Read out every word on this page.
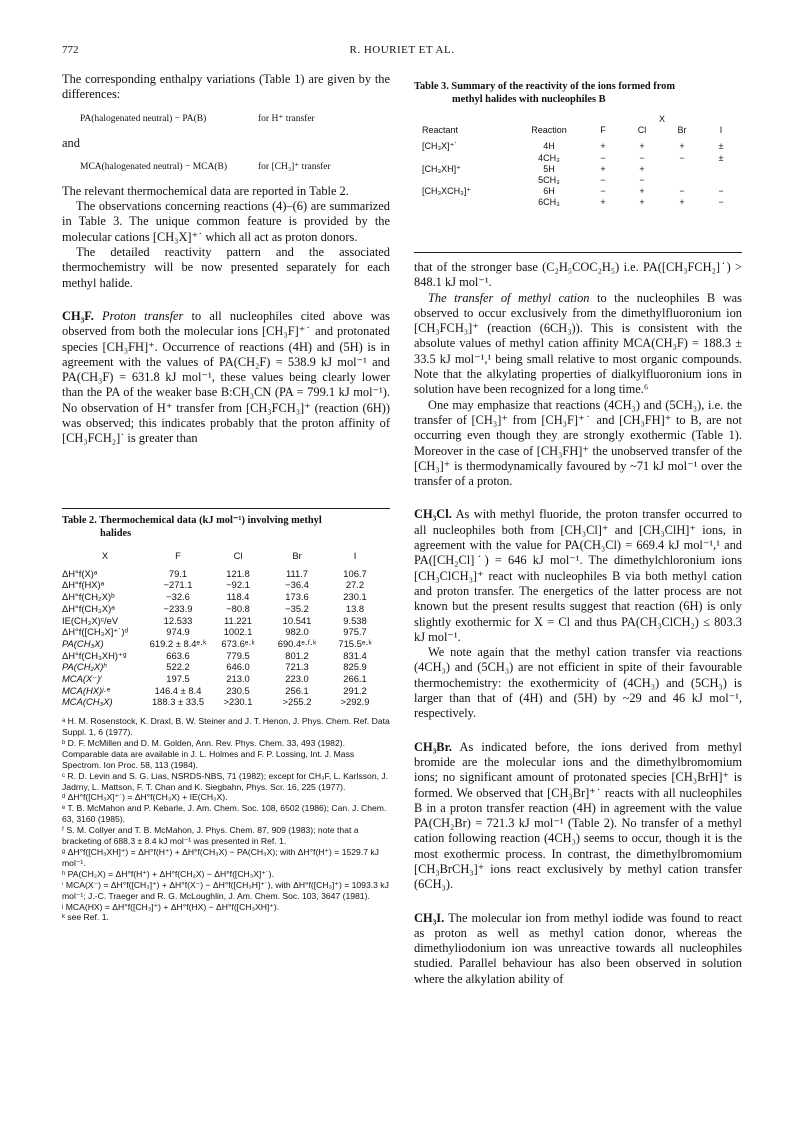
772	R. HOURIET ET AL.

The corresponding enthalpy variations (Table 1) are given by the differences:

PA(halogenated neutral) − PA(B)	for H⁺ transfer

and

MCA(halogenated neutral) − MCA(B)	for [CH₃]⁺ transfer

The relevant thermochemical data are reported in Table 2.

The observations concerning reactions (4)–(6) are summarized in Table 3. The unique common feature is provided by the molecular cations [CH₃X]⁺˙ which all act as proton donors.

The detailed reactivity pattern and the associated thermochemistry will be now presented separately for each methyl halide.

CH₃F. Proton transfer to all nucleophiles cited above was observed from both the molecular ions [CH₃F]⁺˙ and protonated species [CH₃FH]⁺. Occurrence of reactions (4H) and (5H) is in agreement with the values of PA(CH₂F) = 538.9 kJ mol⁻¹ and PA(CH₃F) = 631.8 kJ mol⁻¹, these values being clearly lower than the PA of the weaker base B:CH₃CN (PA = 799.1 kJ mol⁻¹). No observation of H⁺ transfer from [CH₃FCH₃]⁺ (reaction (6H)) was observed; this indicates probably that the proton affinity of [CH₃FCH₂]˙ is greater than

Table 2. Thermochemical data (kJ mol⁻¹) involving methyl
halides
X	F	Cl	Br	I

ΔH°f(X)ᵃ	79.1	121.8	111.7	106.7
ΔH°f(HX)ᵃ	−271.1	−92.1	−36.4	27.2
ΔH°f(CH₂X)ᵇ	−32.6	118.4	173.6	230.1
ΔH°f(CH₃X)ᵃ	−233.9	−80.8	−35.2	13.8
IE(CH₃X)ᶜ/eV	12.533	11.221	10.541	9.538
ΔH°f([CH₃X]⁺˙)ᵈ	974.9	1002.1	982.0	975.7
PA(CH₃X)	619.2 ± 8.4ᵉ·ᵏ	673.6ᵉ·ᵏ	690.4ᵉ·ᶠ·ᵏ	715.5ᵉ·ᵏ
ΔH°f(CH₃XH)⁺ᵍ	663.6	779.5	801.2	831.4
PA(CH₂X)ʰ	522.2	646.0	721.3	825.9
MCA(X⁻)ⁱ	197.5	213.0	223.0	266.1
MCA(HX)ʲ·ᵉ	146.4 ± 8.4	230.5	256.1	291.2
MCA(CH₃X)	188.3 ± 33.5	>230.1	>255.2	>292.9

ᵃ H. M. Rosenstock, K. Draxl, B. W. Steiner and J. T. Henon, J. Phys. Chem. Ref. Data Suppl. 1, 6 (1977).

ᵇ D. F. McMillen and D. M. Golden, Ann. Rev. Phys. Chem. 33, 493 (1982). Comparable data are available in J. L. Holmes and F. P. Lossing, Int. J. Mass Spectrom. Ion Proc. 58, 113 (1984).

ᶜ R. D. Levin and S. G. Lias, NSRDS-NBS, 71 (1982); except for CH₃F, L. Karlsson, J. Jadrny, L. Mattson, F. T. Chan and K. Siegbahn, Phys. Scr. 16, 225 (1977).

ᵈ ΔH°f([CH₃X]⁺˙) = ΔH°f(CH₃X) + IE(CH₃X).

ᵉ T. B. McMahon and P. Kebarle, J. Am. Chem. Soc. 108, 6502 (1986); Can. J. Chem. 63, 3160 (1985).

ᶠ S. M. Collyer and T. B. McMahon, J. Phys. Chem. 87, 909 (1983); note that a bracketing of 688.3 ± 8.4 kJ mol⁻¹ was presented in Ref. 1.

ᵍ ΔH°f([CH₃XH]⁺) = ΔH°f(H⁺) + ΔH°f(CH₃X) − PA(CH₃X); with ΔH°f(H⁺) = 1529.7 kJ mol⁻¹.

ʰ PA(CH₂X) = ΔH°f(H⁺) + ΔH°f(CH₂X) − ΔH°f([CH₃X]⁺˙).

ⁱ MCA(X⁻) = ΔH°f([CH₃]⁺) + ΔH°f(X⁻) − ΔH°f([CH₃H]⁺˙), with ΔH°f([CH₃]⁺) = 1093.3 kJ mol⁻¹; J.-C. Traeger and R. G. McLoughlin, J. Am. Chem. Soc. 103, 3647 (1981).

ʲ MCA(HX) = ΔH°f([CH₃]⁺) + ΔH°f(HX) − ΔH°f([CH₃XH]⁺).

ᵏ see Ref. 1.

Table 3. Summary of the reactivity of the ions formed from
methyl halides with nucleophiles B
			X		
Reactant	Reaction	F	Cl	Br	I

[CH₃X]⁺˙	4H	+	+	+	±
	4CH₃	−	−	−	±
[CH₃XH]⁺	5H	+	+		
	5CH₃	−	−		
[CH₃XCH₃]⁺	6H	−	+	−	−
	6CH₃	+	+	+	−

that of the stronger base (C₂H₅COC₂H₅) i.e. PA([CH₃FCH₂]˙) > 848.1 kJ mol⁻¹.

The transfer of methyl cation to the nucleophiles B was observed to occur exclusively from the dimethylfluoronium ion [CH₃FCH₃]⁺ (reaction (6CH₃)). This is consistent with the absolute values of methyl cation affinity MCA(CH₃F) = 188.3 ± 33.5 kJ mol⁻¹,¹ being small relative to most organic compounds. Note that the alkylating properties of dialkylfluoronium ions in solution have been recognized for a long time.⁶

One may emphasize that reactions (4CH₃) and (5CH₃), i.e. the transfer of [CH₃]⁺ from [CH₃F]⁺˙ and [CH₃FH]⁺ to B, are not occurring even though they are strongly exothermic (Table 1). Moreover in the case of [CH₃FH]⁺ the unobserved transfer of the [CH₃]⁺ is thermodynamically favoured by ~71 kJ mol⁻¹ over the transfer of a proton.

CH₃Cl. As with methyl fluoride, the proton transfer occurred to all nucleophiles both from [CH₃Cl]⁺ and [CH₃ClH]⁺ ions, in agreement with the value for PA(CH₃Cl) = 669.4 kJ mol⁻¹,¹ and PA([CH₂Cl]˙) = 646 kJ mol⁻¹. The dimethylchloronium ions [CH₃ClCH₃]⁺ react with nucleophiles B via both methyl cation and proton transfer. The energetics of the latter process are not known but the present results suggest that reaction (6H) is only slightly exothermic for X = Cl and thus PA(CH₃ClCH₂) ≤ 803.3 kJ mol⁻¹.

We note again that the methyl cation transfer via reactions (4CH₃) and (5CH₃) are not efficient in spite of their favourable thermochemistry: the exothermicity of (4CH₃) and (5CH₃) is larger than that of (4H) and (5H) by ~29 and 46 kJ mol⁻¹, respectively.

CH₃Br. As indicated before, the ions derived from methyl bromide are the molecular ions and the dimethylbromomium ions; no significant amount of protonated species [CH₃BrH]⁺ is formed. We observed that [CH₃Br]⁺˙ reacts with all nucleophiles B in a proton transfer reaction (4H) in agreement with the value PA(CH₂Br) = 721.3 kJ mol⁻¹ (Table 2). No transfer of a methyl cation following reaction (4CH₃) seems to occur, though it is the most exothermic process. In contrast, the dimethylbromomium [CH₃BrCH₃]⁺ ions react exclusively by methyl cation transfer (6CH₃).

CH₃I. The molecular ion from methyl iodide was found to react as proton as well as methyl cation donor, whereas the dimethyliodonium ion was unreactive towards all nucleophiles studied. Parallel behaviour has also been observed in solution where the alkylation ability of
